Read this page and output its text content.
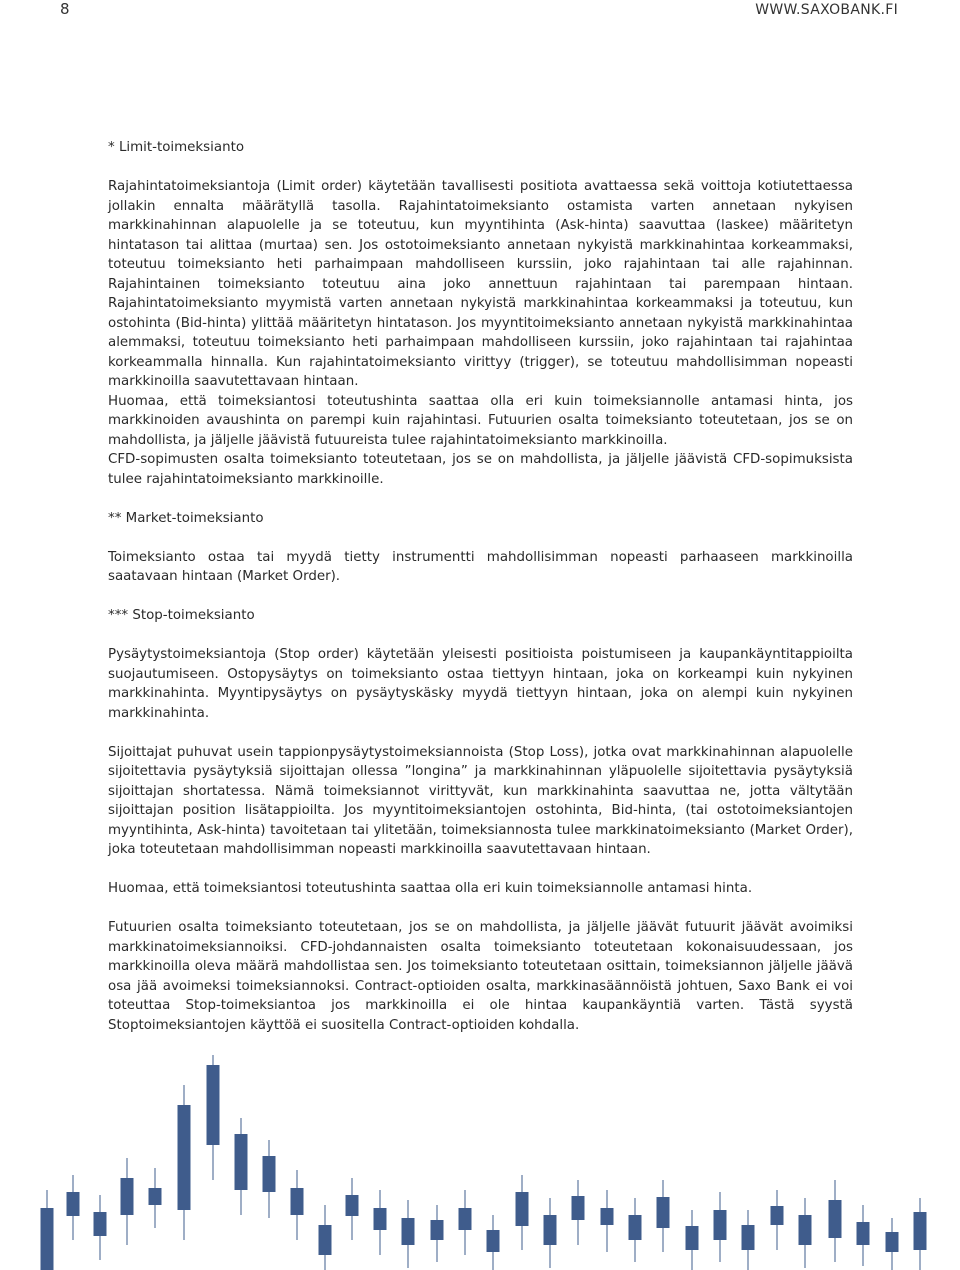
8	WWW.SAXOBANK.FI

* Limit-toimeksianto

Rajahintatoimeksiantoja (Limit order) käytetään tavallisesti positiota avattaessa sekä voittoja kotiutettaessa jollakin ennalta määrätyllä tasolla. Rajahintatoimeksianto ostamista varten annetaan nykyisen markkinahinnan alapuolelle ja se toteutuu, kun myyntihinta (Ask-hinta) saavuttaa (laskee) määritetyn hintatason tai alittaa (murtaa) sen. Jos ostotoimeksianto annetaan nykyistä markkinahintaa korkeammaksi, toteutuu toimeksianto heti parhaimpaan mahdolliseen kurssiin, joko rajahintaan tai alle rajahinnan. Rajahintainen toimeksianto toteutuu aina joko annettuun rajahintaan tai parempaan hintaan. Rajahintatoimeksianto myymistä varten annetaan nykyistä markkinahintaa korkeammaksi ja toteutuu, kun ostohinta (Bid-hinta) ylittää määritetyn hintatason. Jos myyntitoimeksianto annetaan nykyistä markkinahintaa alemmaksi, toteutuu toimeksianto heti parhaimpaan mahdolliseen kurssiin, joko rajahintaan tai rajahintaa korkeammalla hinnalla. Kun rajahintatoimeksianto virittyy (trigger), se toteutuu mahdollisimman nopeasti markkinoilla saavutettavaan hintaan.

Huomaa, että toimeksiantosi toteutushinta saattaa olla eri kuin toimeksiannolle antamasi hinta, jos markkinoiden avaushinta on parempi kuin rajahintasi. Futuurien osalta toimeksianto toteutetaan, jos se on mahdollista, ja jäljelle jäävistä futuureista tulee rajahintatoimeksianto markkinoilla.

CFD-sopimusten osalta toimeksianto toteutetaan, jos se on mahdollista, ja jäljelle jäävistä CFD-sopimuksista tulee rajahintatoimeksianto markkinoille.

** Market-toimeksianto

Toimeksianto ostaa tai myydä tietty instrumentti mahdollisimman nopeasti parhaaseen markkinoilla saatavaan hintaan (Market Order).

*** Stop-toimeksianto

Pysäytystoimeksiantoja (Stop order) käytetään yleisesti positioista poistumiseen ja kaupankäyntitappioilta suojautumiseen. Ostopysäytys on toimeksianto ostaa tiettyyn hintaan, joka on korkeampi kuin nykyinen markkinahinta. Myyntipysäytys on pysäytyskäsky myydä tiettyyn hintaan, joka on alempi kuin nykyinen markkinahinta.

Sijoittajat puhuvat usein tappionpysäytystoimeksiannoista (Stop Loss), jotka ovat markkinahinnan alapuolelle sijoitettavia pysäytyksiä sijoittajan ollessa ”longina” ja markkinahinnan yläpuolelle sijoitettavia pysäytyksiä sijoittajan shortatessa. Nämä toimeksiannot virittyvät, kun markkinahinta saavuttaa ne, jotta vältytään sijoittajan position lisätappioilta. Jos myyntitoimeksiantojen ostohinta, Bid-hinta, (tai ostotoimeksiantojen myyntihinta, Ask-hinta) tavoitetaan tai ylitetään, toimeksiannosta tulee markkinatoimeksianto (Market Order), joka toteutetaan mahdollisimman nopeasti markkinoilla saavutettavaan hintaan.

Huomaa, että toimeksiantosi toteutushinta saattaa olla eri kuin toimeksiannolle antamasi hinta.

Futuurien osalta toimeksianto toteutetaan, jos se on mahdollista, ja jäljelle jäävät futuurit jäävät avoimiksi markkinatoimeksiannoiksi. CFD-johdannaisten osalta toimeksianto toteutetaan kokonaisuudessaan, jos markkinoilla oleva määrä mahdollistaa sen. Jos toimeksianto toteutetaan osittain, toimeksiannon jäljelle jäävä osa jää avoimeksi toimeksiannoksi. Contract-optioiden osalta, markkinasäännöistä johtuen, Saxo Bank ei voi toteuttaa Stop-toimeksiantoa jos markkinoilla ei ole hintaa kaupankäyntiä varten. Tästä syystä Stoptoimeksiantojen käyttöä ei suositella Contract-optioiden kohdalla.
